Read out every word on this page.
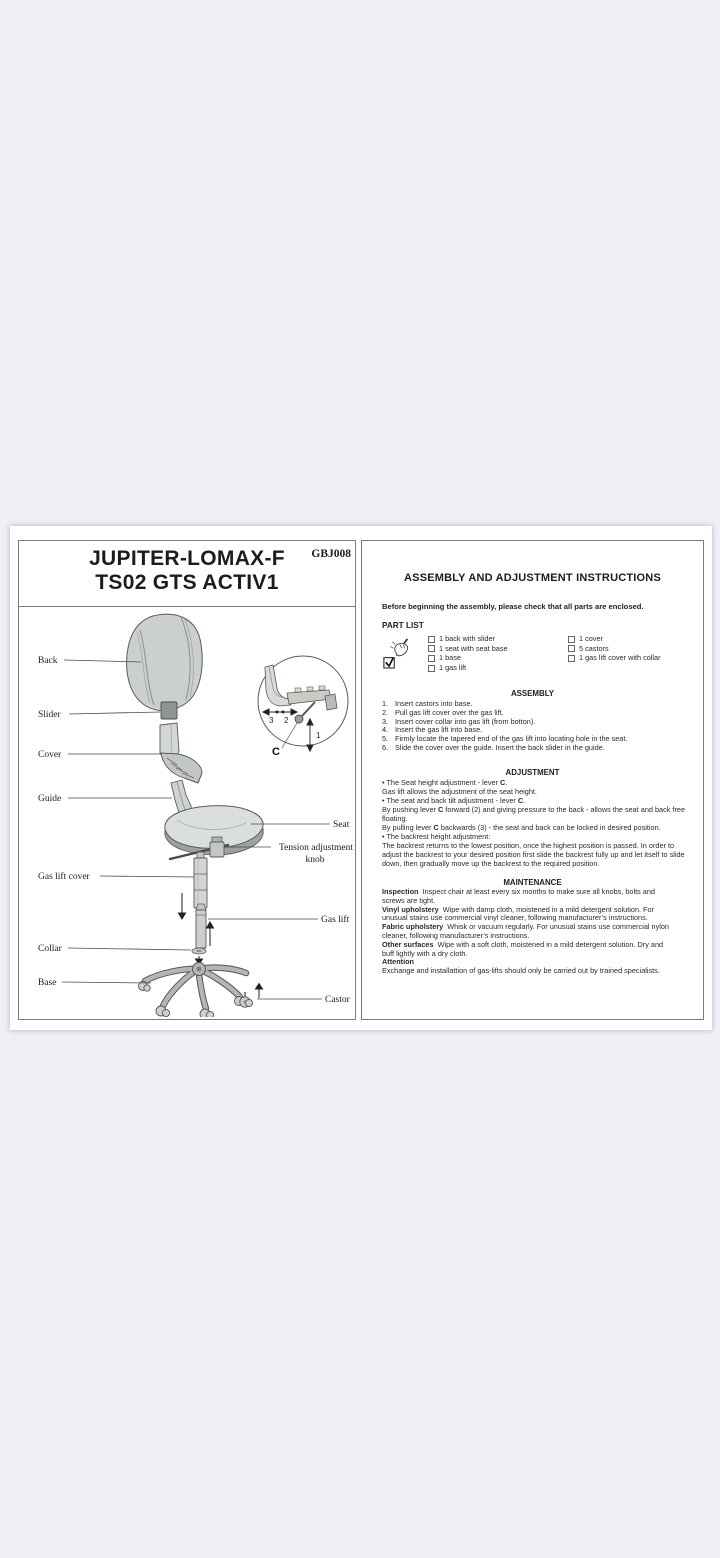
GBJ008
JUPITER-LOMAX-F
TS02 GTS ACTIV1
3 2
1
C
Back
Slider
Cover
Guide
Gas lift cover
Collar
Base
Seat
Tension adjustment
knob
Gas lift
Castor
ASSEMBLY AND ADJUSTMENT INSTRUCTIONS
Before beginning the assembly, please check that all parts are enclosed.
PART LIST
1 back with slider
1 seat with seat base
1 base
1 gas lift
1 cover
5 castors
1 gas lift cover with collar
ASSEMBLY
1. Insert castors into base.
2. Pull gas lift cover over the gas lift.
3. Insert cover collar into gas lift (from botton).
4. Insert the gas lift into base.
5. Firmly locate the tapered end of the gas lift into locating hole in the seat.
6. Slide the cover over the guide. Insert the back slider in the guide.
ADJUSTMENT

• The Seat height adjustment - lever C.

Gas lift allows the adjustment of the seat height.

• The seat and back tilt adjustment - lever C.

By pushing lever C forward (2) and giving pressure to the back - allows the seat and back free floating.

By pulling lever C backwards (3) - the seat and back can be locked in desired position.

• The backrest height adjustment:

The backrest returns to the lowest position, once the highest position is passed. In order to adjust the backrest to your desired position first slide the backrest fully up and let itself to slide down, then gradually move up the backrest to the required position.

MAINTENANCE

Inspection  Inspect chair at least every six months to make sure all knobs, bolts and screws are tight.

Vinyl upholstery  Wipe with damp cloth, moistened in a mild detergent solution. For unusual stains use commercial vinyl cleaner, following manufacturer’s instructions.

Fabric upholstery  Whisk or vacuum regularly. For unusual stains use commercial nylon cleaner, following manufacturer’s instructions.

Other surfaces  Wipe with a soft cloth, moistened in a mild detergent solution. Dry and buff lightly with a dry cloth.

Attention

Exchange and installattion of gas-lifts should only be carried out by trained specialists.
